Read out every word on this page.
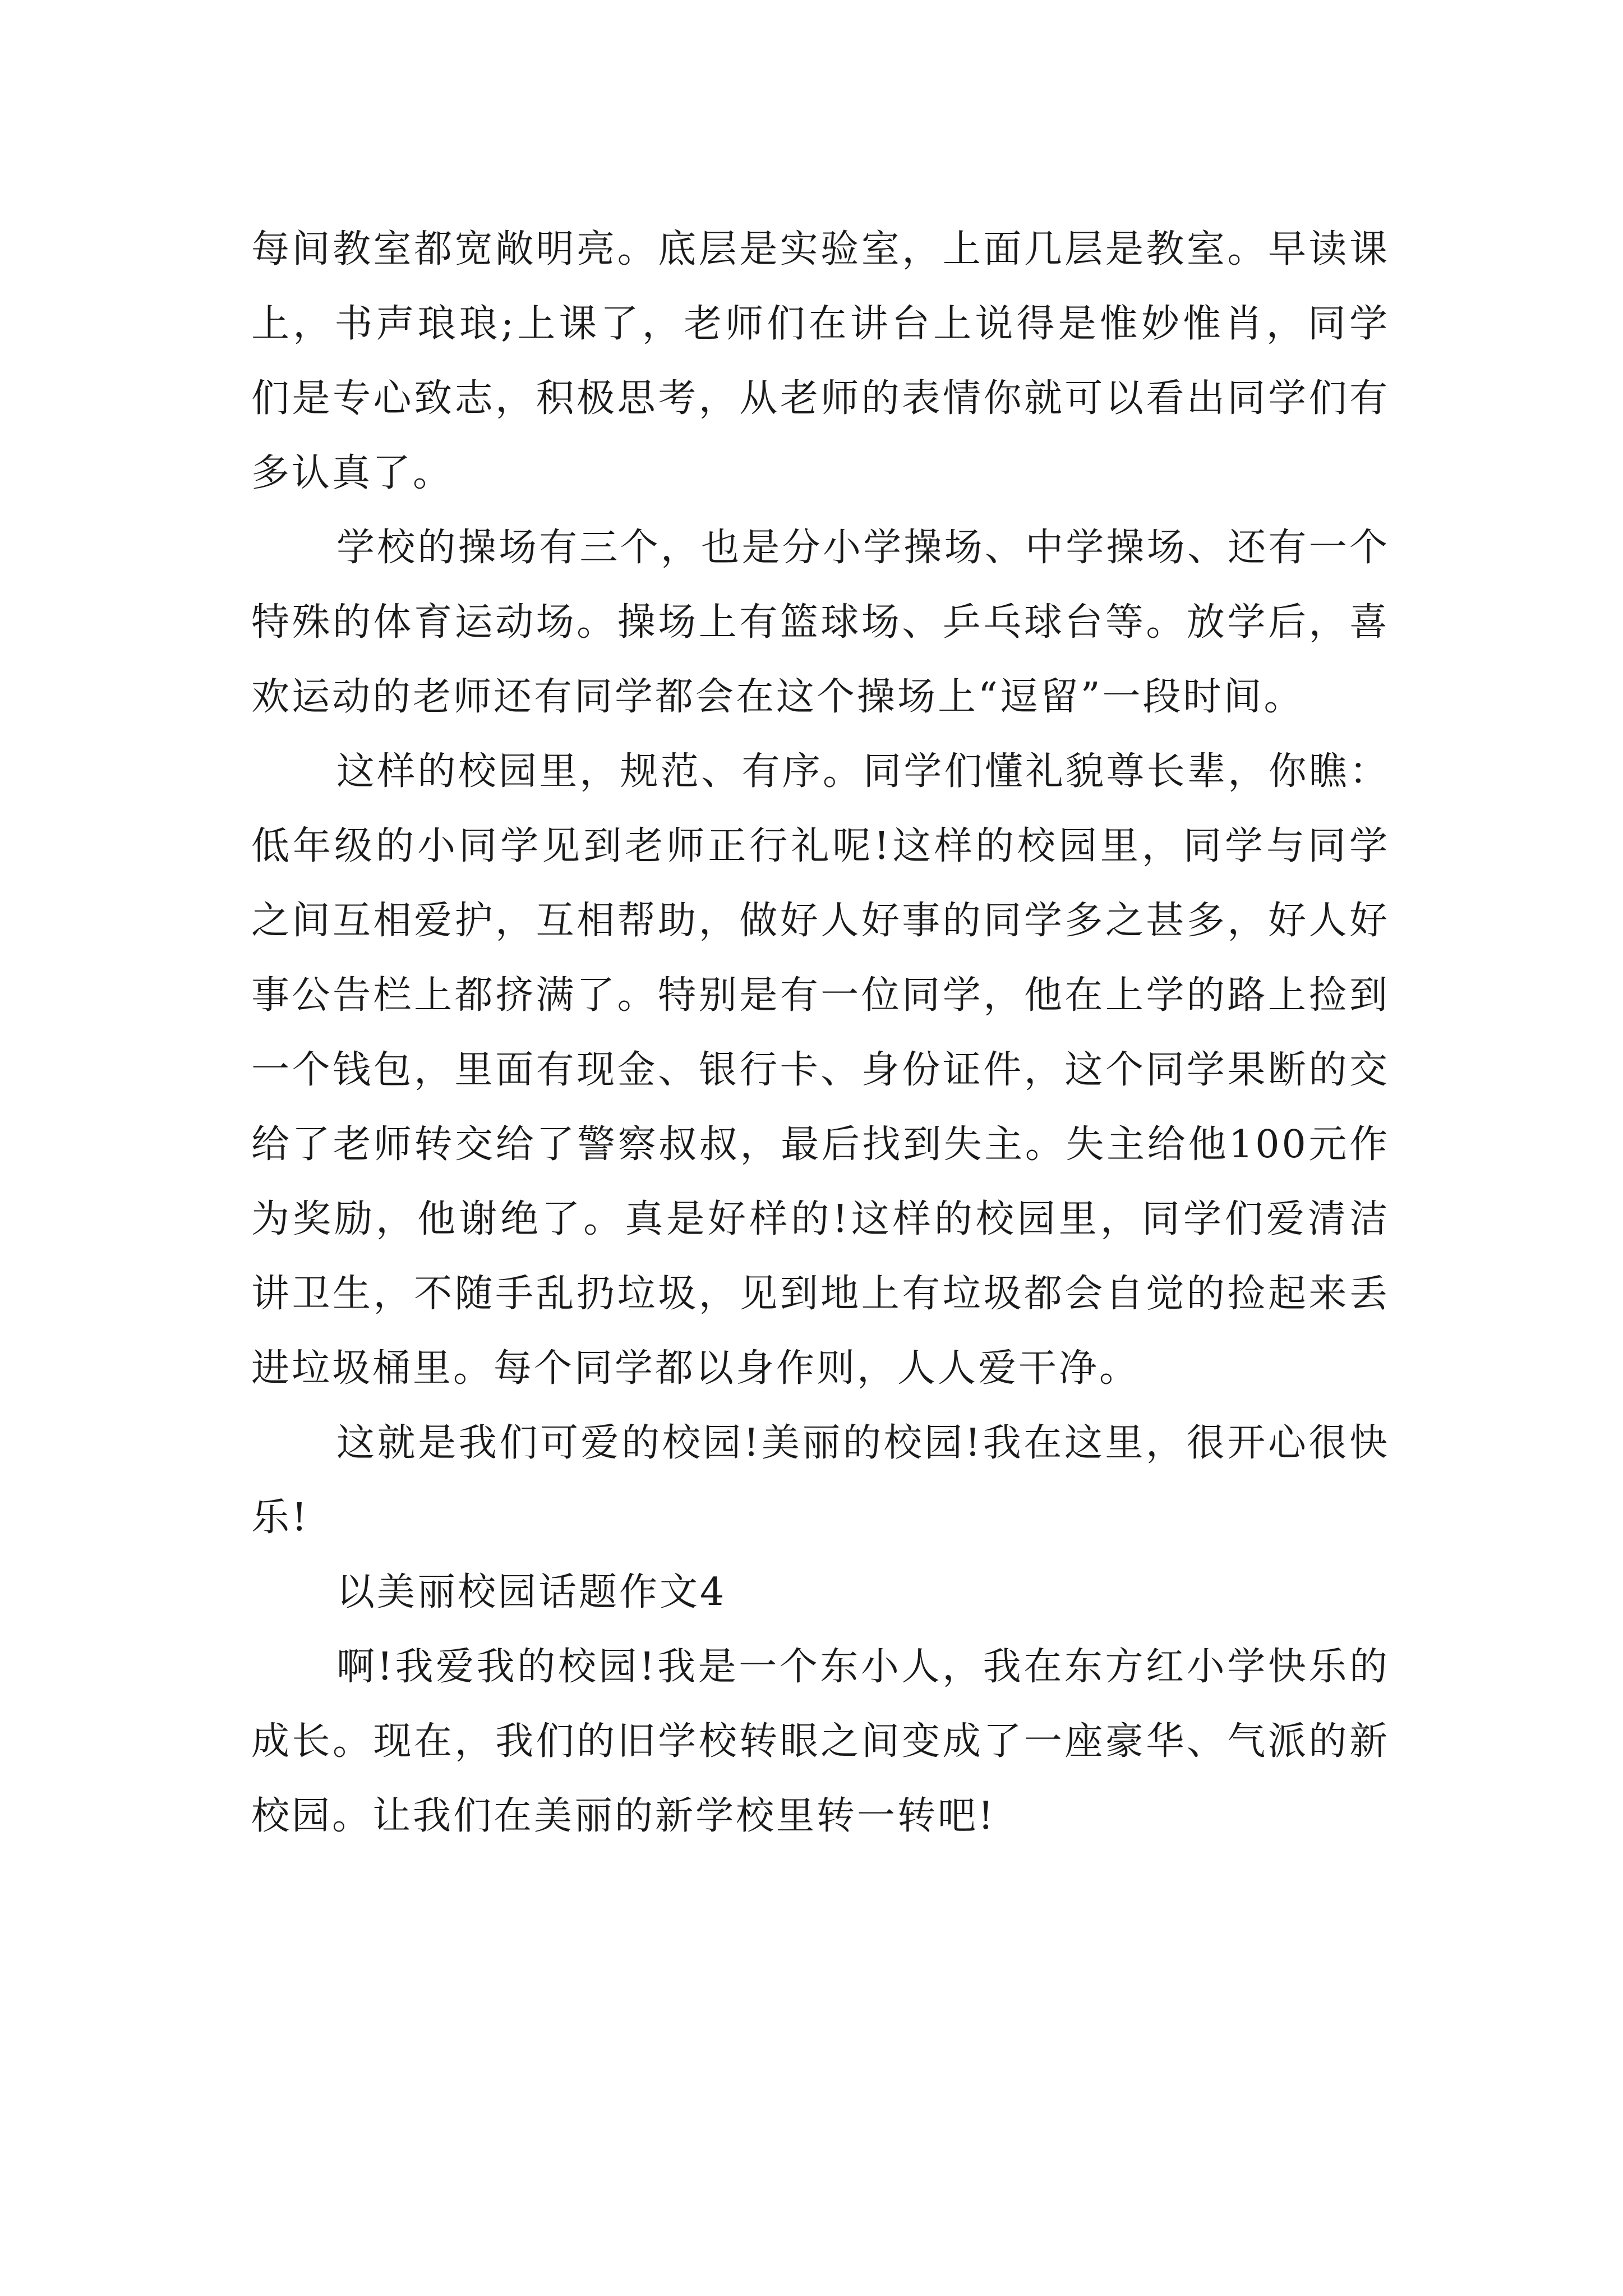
每间教室都宽敞明亮。底层是实验室，上面几层是教室。早读课上，书声琅琅;上课了，老师们在讲台上说得是惟妙惟肖，同学们是专心致志，积极思考，从老师的表情你就可以看出同学们有多认真了。

学校的操场有三个，也是分小学操场、中学操场、还有一个特殊的体育运动场。操场上有篮球场、乒乓球台等。放学后，喜欢运动的老师还有同学都会在这个操场上“逗留”一段时间。

这样的校园里，规范、有序。同学们懂礼貌尊长辈，你瞧：低年级的小同学见到老师正行礼呢!这样的校园里，同学与同学之间互相爱护，互相帮助，做好人好事的同学多之甚多，好人好事公告栏上都挤满了。特别是有一位同学，他在上学的路上捡到一个钱包，里面有现金、银行卡、身份证件，这个同学果断的交给了老师转交给了警察叔叔，最后找到失主。失主给他100元作为奖励，他谢绝了。真是好样的!这样的校园里，同学们爱清洁讲卫生，不随手乱扔垃圾，见到地上有垃圾都会自觉的捡起来丢进垃圾桶里。每个同学都以身作则，人人爱干净。

这就是我们可爱的校园!美丽的校园!我在这里，很开心很快乐!

以美丽校园话题作文4

啊!我爱我的校园!我是一个东小人，我在东方红小学快乐的成长。现在，我们的旧学校转眼之间变成了一座豪华、气派的新校园。让我们在美丽的新学校里转一转吧!
